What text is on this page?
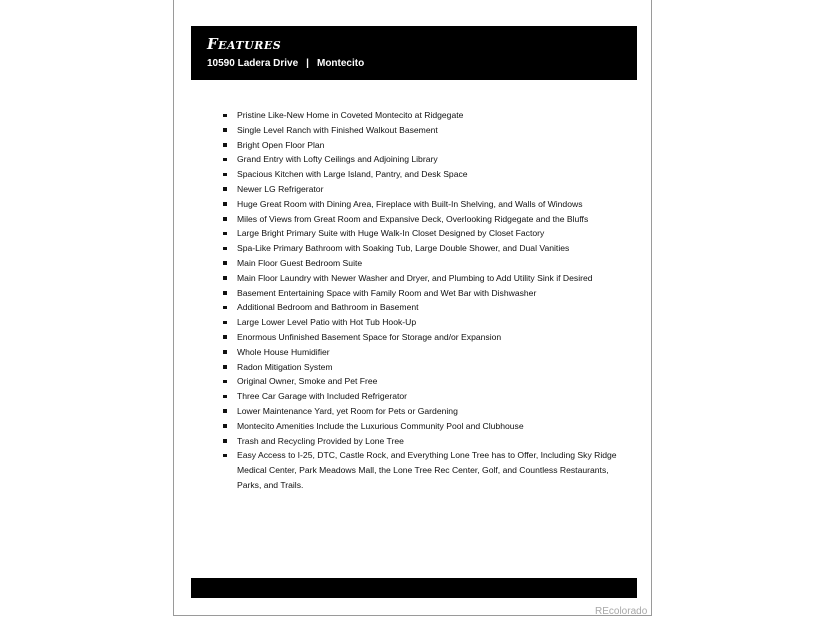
Features
10590 Ladera Drive | Montecito
Pristine Like-New Home in Coveted Montecito at Ridgegate
Single Level Ranch with Finished Walkout Basement
Bright Open Floor Plan
Grand Entry with Lofty Ceilings and Adjoining Library
Spacious Kitchen with Large Island, Pantry, and Desk Space
Newer LG Refrigerator
Huge Great Room with Dining Area, Fireplace with Built-In Shelving, and Walls of Windows
Miles of Views from Great Room and Expansive Deck, Overlooking Ridgegate and the Bluffs
Large Bright Primary Suite with Huge Walk-In Closet Designed by Closet Factory
Spa-Like Primary Bathroom with Soaking Tub, Large Double Shower, and Dual Vanities
Main Floor Guest Bedroom Suite
Main Floor Laundry with Newer Washer and Dryer, and Plumbing to Add Utility Sink if Desired
Basement Entertaining Space with Family Room and Wet Bar with Dishwasher
Additional Bedroom and Bathroom in Basement
Large Lower Level Patio with Hot Tub Hook-Up
Enormous Unfinished Basement Space for Storage and/or Expansion
Whole House Humidifier
Radon Mitigation System
Original Owner, Smoke and Pet Free
Three Car Garage with Included Refrigerator
Lower Maintenance Yard, yet Room for Pets or Gardening
Montecito Amenities Include the Luxurious Community Pool and Clubhouse
Trash and Recycling Provided by Lone Tree
Easy Access to I-25, DTC, Castle Rock, and Everything Lone Tree has to Offer, Including Sky Ridge Medical Center, Park Meadows Mall, the Lone Tree Rec Center, Golf, and Countless Restaurants, Parks, and Trails.
REcolorado
